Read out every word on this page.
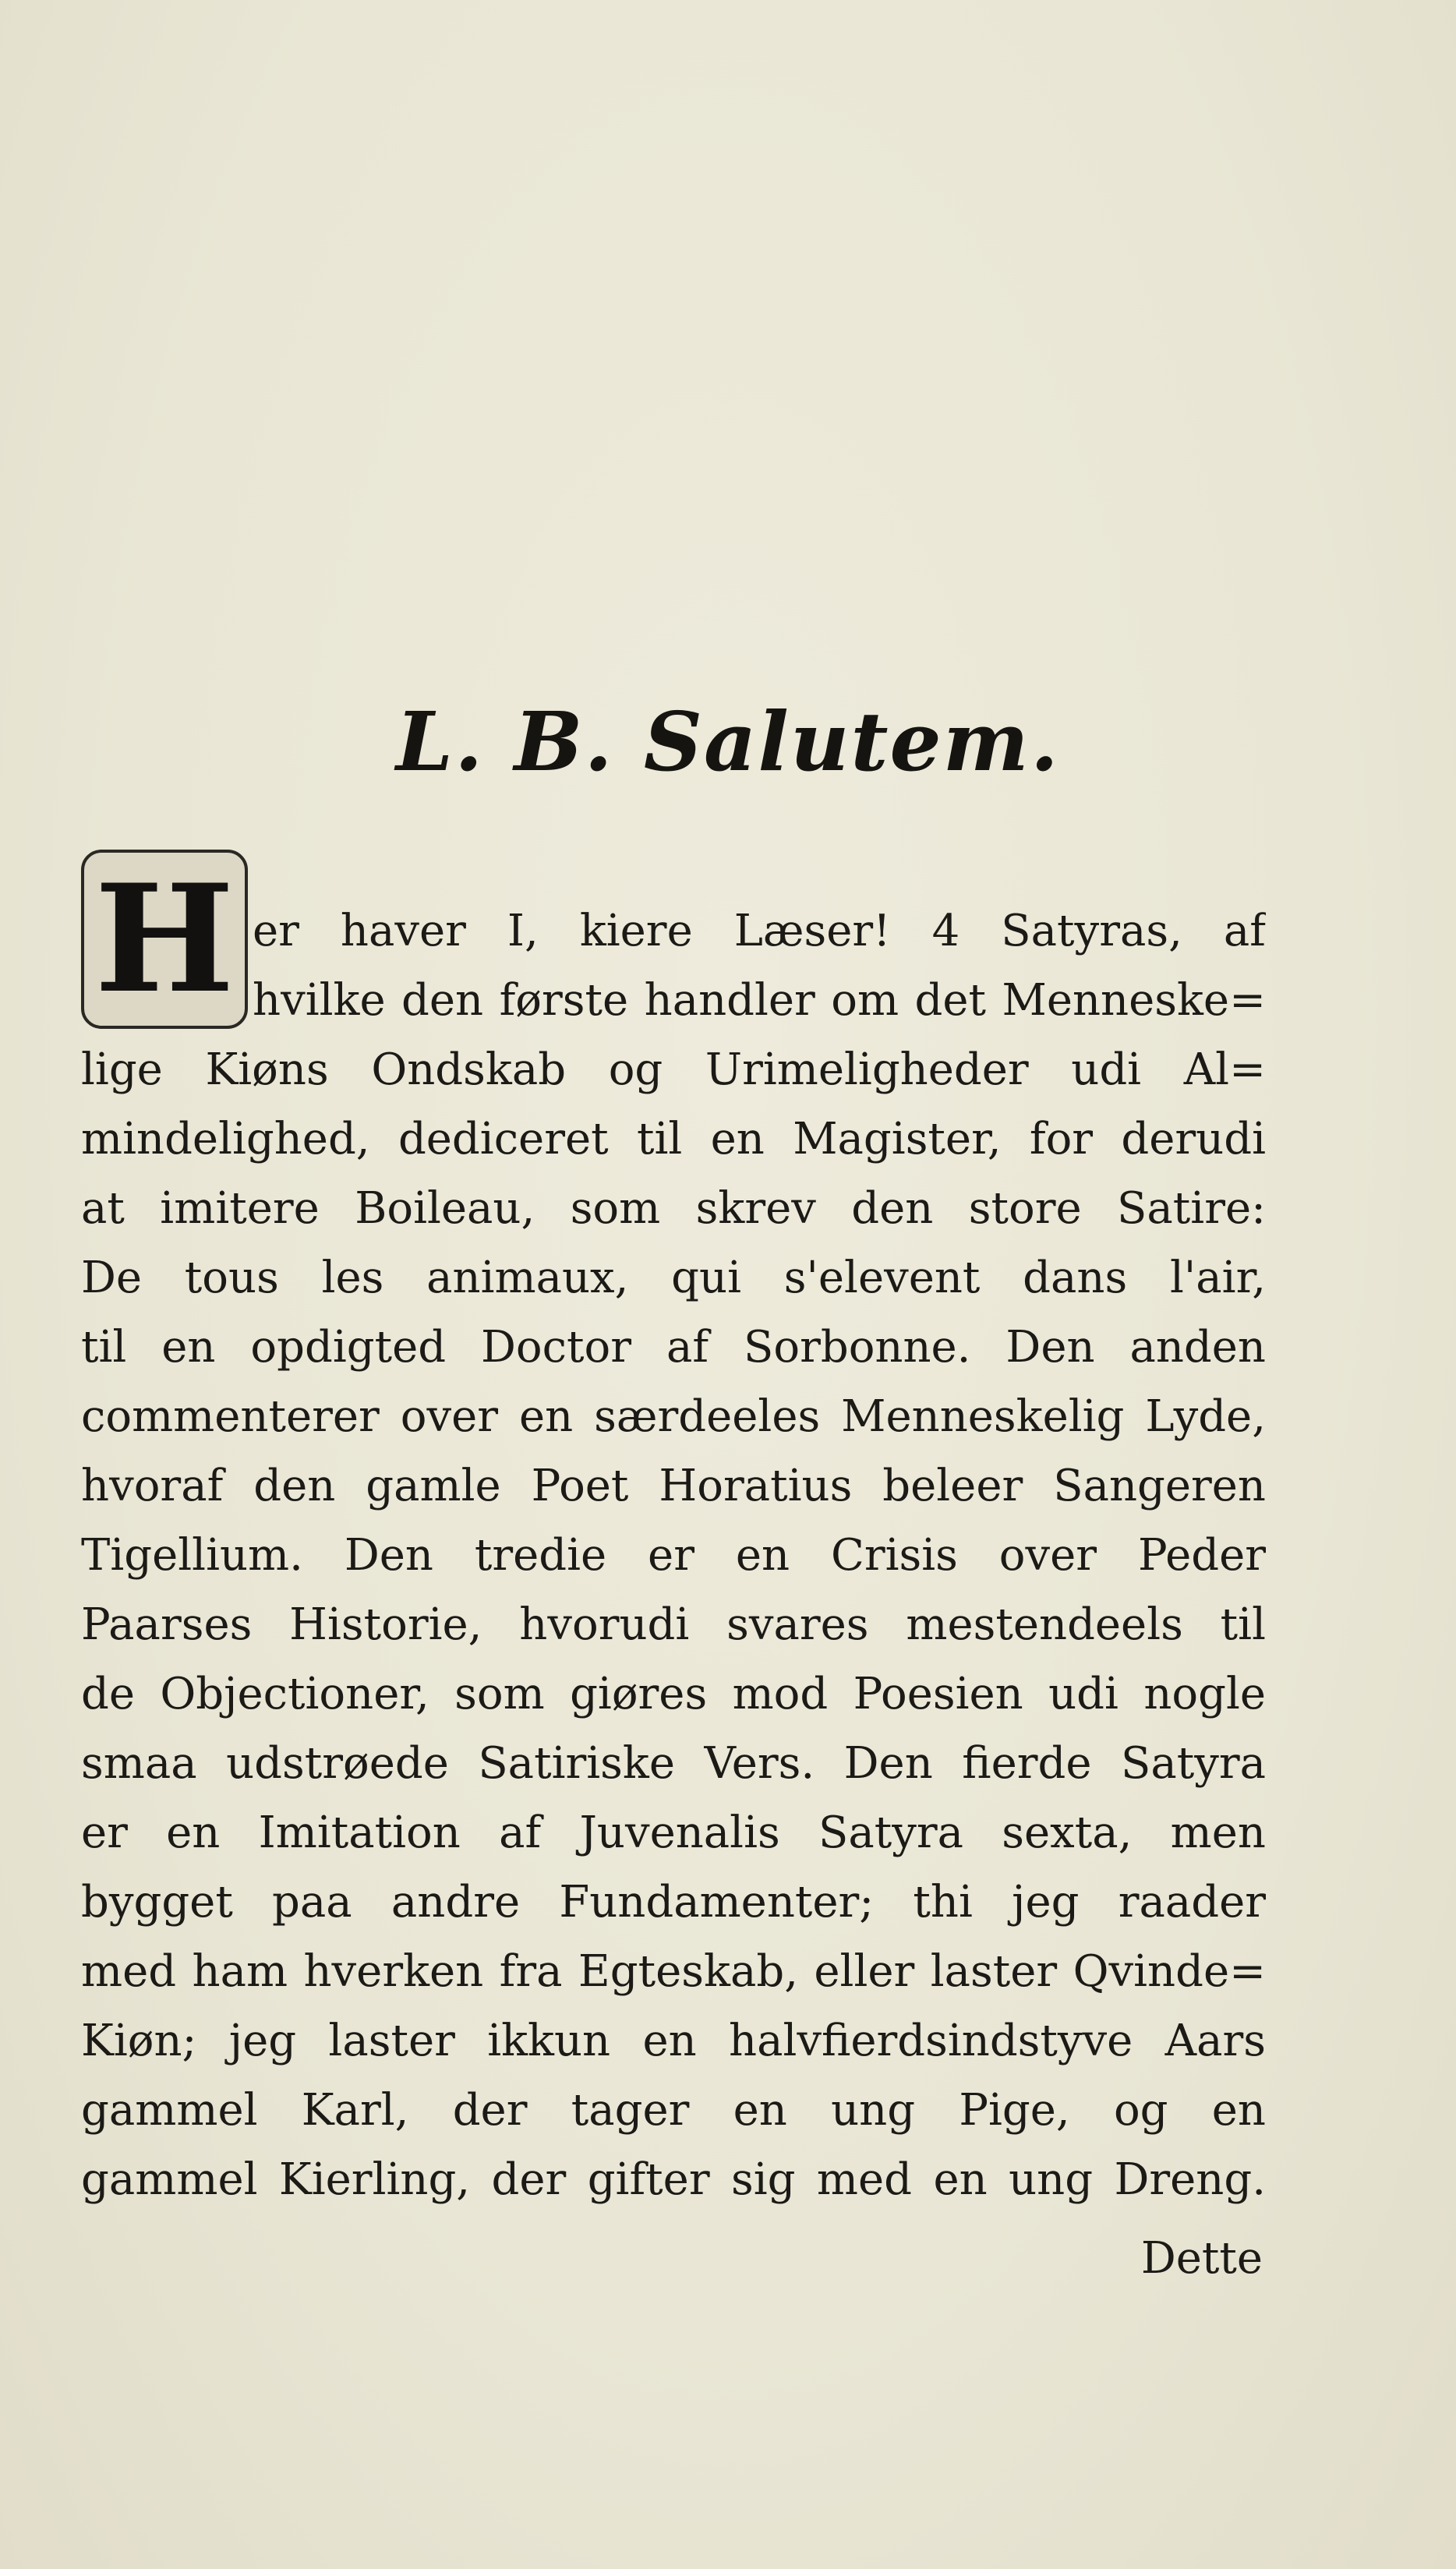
L. B. Salutem.
H er haver I, kiere Læser! 4 Satyras, af
hvilke den første handler om det Menneske=
lige Kiøns Ondskab og Urimeligheder udi Al=
mindelighed, dediceret til en Magister, for derudi
at imitere Boileau, som skrev den store Satire:
De tous les animaux, qui s'elevent dans l'air,
til en opdigted Doctor af Sorbonne. Den anden
commenterer over en særdeeles Menneskelig Lyde,
hvoraf den gamle Poet Horatius beleer Sangeren
Tigellium. Den tredie er en Crisis over Peder
Paarses Historie, hvorudi svares mestendeels til
de Objectioner, som giøres mod Poesien udi nogle
smaa udstrøede Satiriske Vers. Den fierde Satyra
er en Imitation af Juvenalis Satyra sexta, men
bygget paa andre Fundamenter; thi jeg raader
med ham hverken fra Egteskab, eller laster Qvinde=
Kiøn; jeg laster ikkun en halvfierdsindstyve Aars
gammel Karl, der tager en ung Pige, og en
gammel Kierling, der gifter sig med en ung Dreng.
Dette
